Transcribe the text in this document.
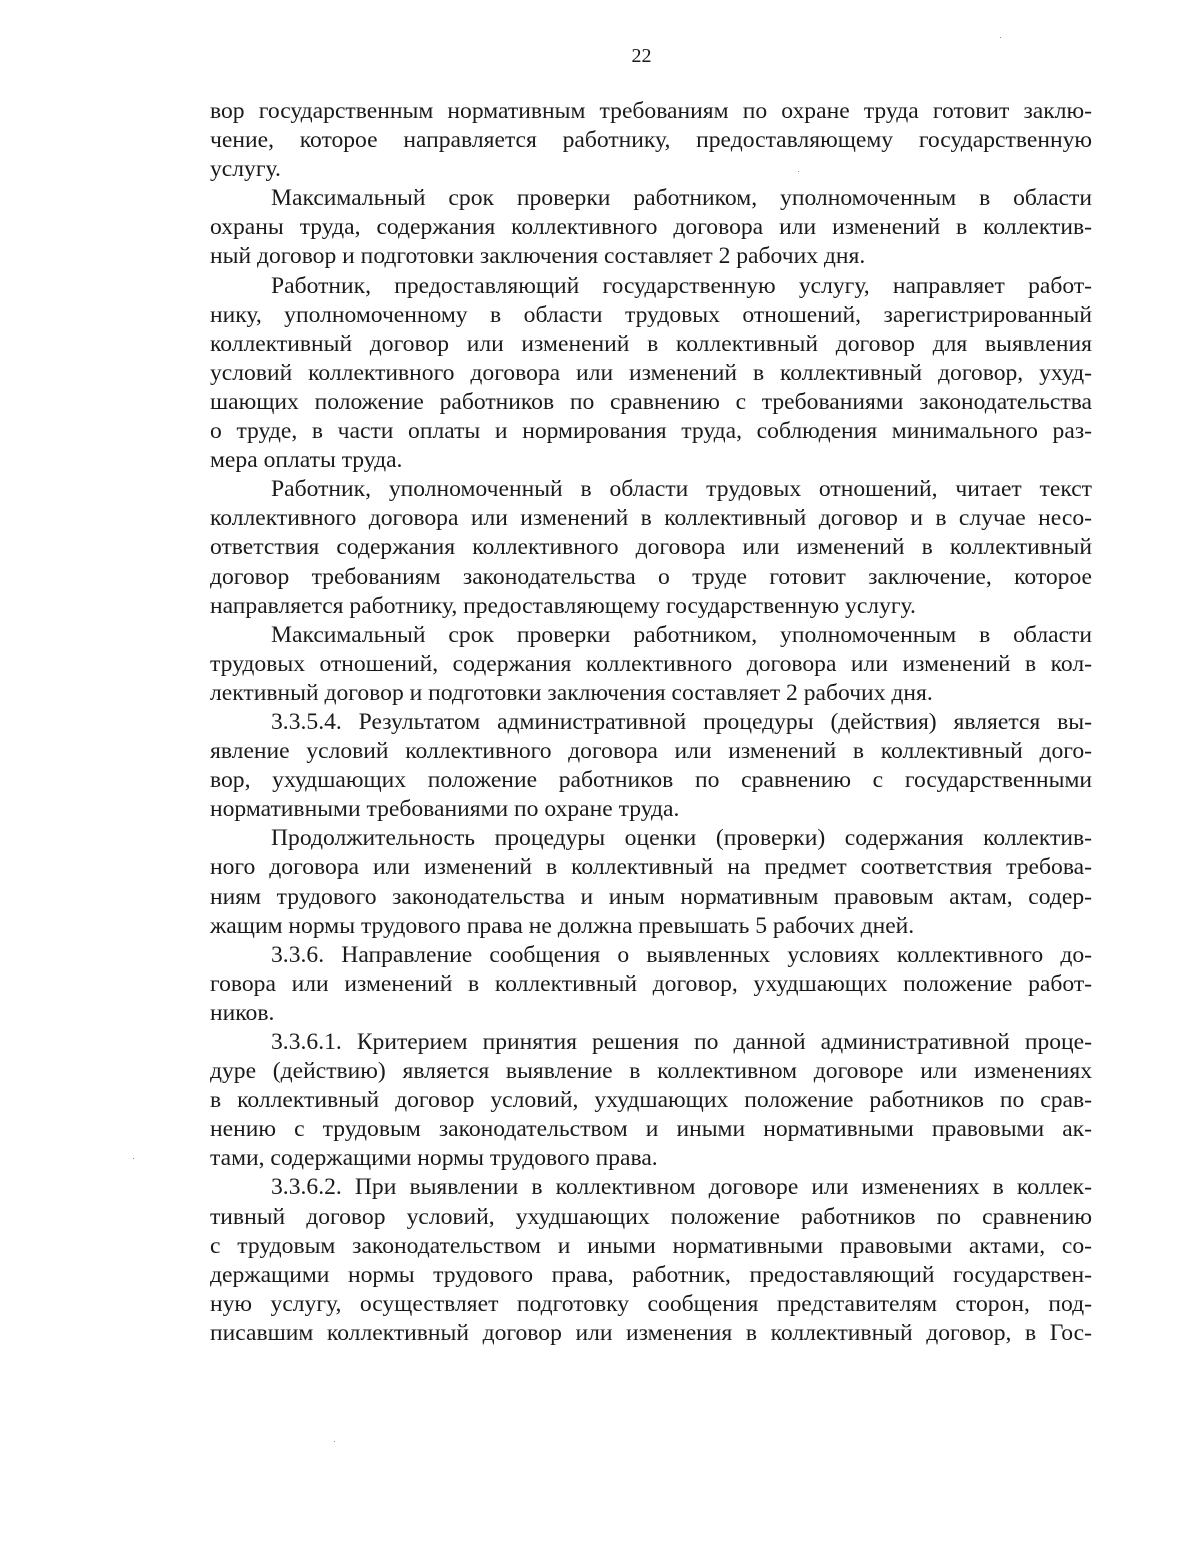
22
вор государственным нормативным требованиям по охране труда готовит заклю-
чение, которое направляется работнику, предоставляющему государственную
услугу.
Максимальный срок проверки работником, уполномоченным в области
охраны труда, содержания коллективного договора или изменений в коллектив-
ный договор и подготовки заключения составляет 2 рабочих дня.
Работник, предоставляющий государственную услугу, направляет работ-
нику, уполномоченному в области трудовых отношений, зарегистрированный
коллективный договор или изменений в коллективный договор для выявления
условий коллективного договора или изменений в коллективный договор, ухуд-
шающих положение работников по сравнению с требованиями законодательства
о труде, в части оплаты и нормирования труда, соблюдения минимального раз-
мера оплаты труда.
Работник, уполномоченный в области трудовых отношений, читает текст
коллективного договора или изменений в коллективный договор и в случае несо-
ответствия содержания коллективного договора или изменений в коллективный
договор требованиям законодательства о труде готовит заключение, которое
направляется работнику, предоставляющему государственную услугу.
Максимальный срок проверки работником, уполномоченным в области
трудовых отношений, содержания коллективного договора или изменений в кол-
лективный договор и подготовки заключения составляет 2 рабочих дня.
3.3.5.4. Результатом административной процедуры (действия) является вы-
явление условий коллективного договора или изменений в коллективный дого-
вор, ухудшающих положение работников по сравнению с государственными
нормативными требованиями по охране труда.
Продолжительность процедуры оценки (проверки) содержания коллектив-
ного договора или изменений в коллективный на предмет соответствия требова-
ниям трудового законодательства и иным нормативным правовым актам, содер-
жащим нормы трудового права не должна превышать 5 рабочих дней.
3.3.6. Направление сообщения о выявленных условиях коллективного до-
говора или изменений в коллективный договор, ухудшающих положение работ-
ников.
3.3.6.1. Критерием принятия решения по данной административной проце-
дуре (действию) является выявление в коллективном договоре или изменениях
в коллективный договор условий, ухудшающих положение работников по срав-
нению с трудовым законодательством и иными нормативными правовыми ак-
тами, содержащими нормы трудового права.
3.3.6.2. При выявлении в коллективном договоре или изменениях в коллек-
тивный договор условий, ухудшающих положение работников по сравнению
с трудовым законодательством и иными нормативными правовыми актами, со-
держащими нормы трудового права, работник, предоставляющий государствен-
ную услугу, осуществляет подготовку сообщения представителям сторон, под-
писавшим коллективный договор или изменения в коллективный договор, в Гос-
